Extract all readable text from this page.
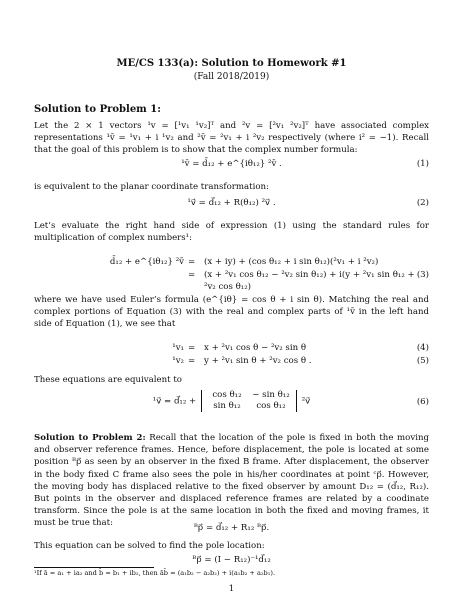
ME/CS 133(a): Solution to Homework #1
(Fall 2018/2019)
Solution to Problem 1:
Let the 2 × 1 vectors ¹v = [¹v₁ ¹v₂]ᵀ and ²v = [²v₁ ²v₂]ᵀ have associated complex representations ¹v̄ = ¹v₁ + i ¹v₂ and ²v̄ = ²v₁ + i ²v₂ respectively (where i² = −1). Recall that the goal of this problem is to show that the complex number formula:
¹v̄ = d̄₁₂ + e^{iθ₁₂} ²v̄ .	(1)
is equivalent to the planar coordinate transformation:
¹v⃗ = d⃗₁₂ + R(θ₁₂) ²v⃗ .	(2)
Let’s evaluate the right hand side of expression (1) using the standard rules for multiplication of complex numbers¹:
d̄₁₂ + e^{iθ₁₂} ²v̄ = (x + iy) + (cos θ₁₂ + i sin θ₁₂)(²v₁ + i ²v₂)
= (x + ²v₁ cos θ₁₂ − ²v₂ sin θ₁₂) + i(y + ²v₁ sin θ₁₂ + ²v₂ cos θ₁₂)
(3)
where we have used Euler’s formula (e^{iθ} = cos θ + i sin θ). Matching the real and complex portions of Equation (3) with the real and complex parts of ¹v̄ in the left hand side of Equation (1), we see that
¹v₁ = x + ²v₁ cos θ − ²v₂ sin θ	(4)
¹v₂ = y + ²v₁ sin θ + ²v₂ cos θ .	(5)
These equations are equivalent to
¹v⃗ = d⃗₁₂ +
cos θ₁₂ − sin θ₁₂
sin θ₁₂ cos θ₁₂	²v⃗	(6)
Solution to Problem 2: Recall that the location of the pole is fixed in both the moving and observer reference frames. Hence, before displacement, the pole is located at some position ᴮp⃗ as seen by an observer in the fixed B frame. After displacement, the observer in the body fixed C frame also sees the pole in his/her coordinates at point ᶜp⃗. However, the moving body has displaced relative to the fixed observer by amount D₁₂ = (d⃗₁₂, R₁₂). But points in the observer and displaced reference frames are related by a coodinate transform. Since the pole is at the same location in both the fixed and moving frames, it must be true that:	ᴮp⃗ = d⃗₁₂ + R₁₂ ᴮp⃗.
This equation can be solved to find the pole location:
ᴮp⃗ = (I − R₁₂)⁻¹d⃗₁₂
¹If ā = a₁ + ia₂ and b̄ = b₁ + ib₂, then āb̄ = (a₁b₂ − a₂b₂) + i(a₁b₂ + a₂b₁).
1
